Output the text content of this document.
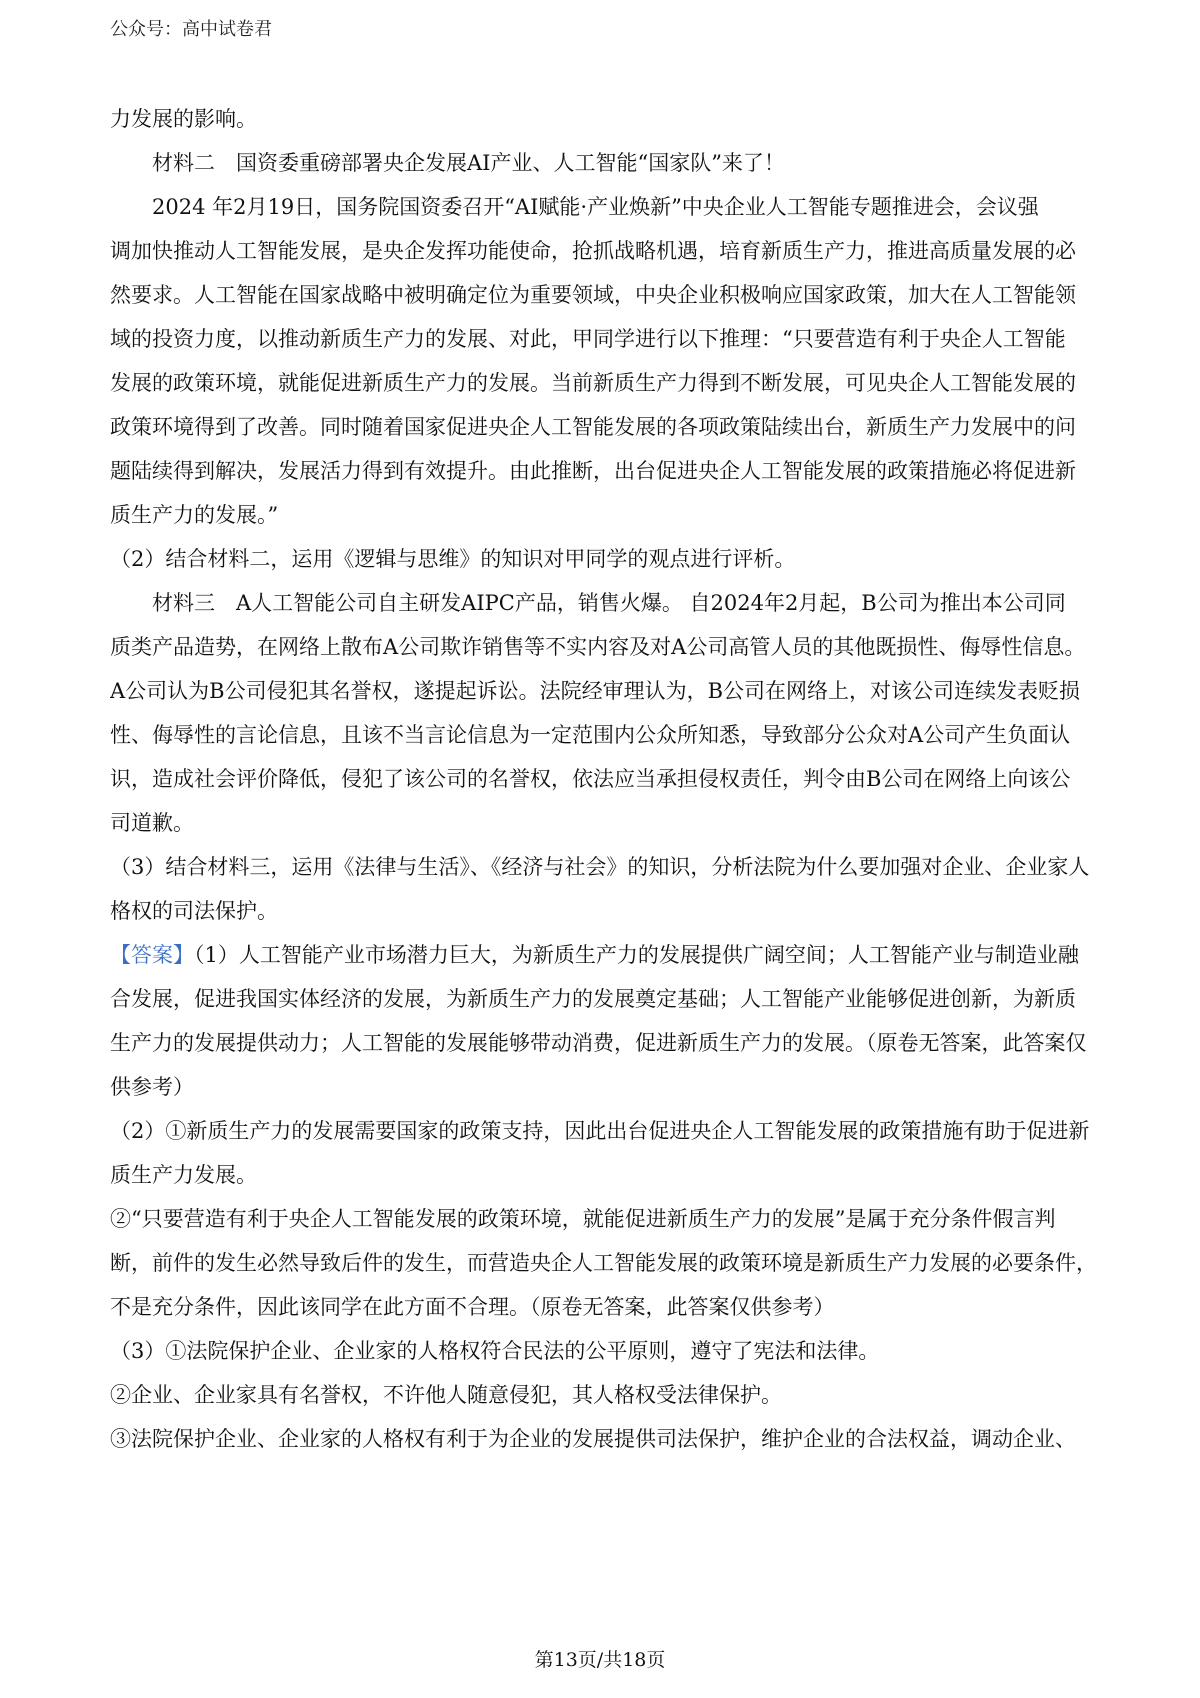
公众号：高中试卷君
力发展的影响。
材料二　国资委重磅部署央企发展AI产业、人工智能“国家队”来了！
2024 年2月19日，国务院国资委召开“AI赋能·产业焕新”中央企业人工智能专题推进会，会议强
调加快推动人工智能发展，是央企发挥功能使命，抢抓战略机遇，培育新质生产力，推进高质量发展的必
然要求。人工智能在国家战略中被明确定位为重要领域，中央企业积极响应国家政策，加大在人工智能领
域的投资力度，以推动新质生产力的发展、对此，甲同学进行以下推理：“只要营造有利于央企人工智能
发展的政策环境，就能促进新质生产力的发展。当前新质生产力得到不断发展，可见央企人工智能发展的
政策环境得到了改善。同时随着国家促进央企人工智能发展的各项政策陆续出台，新质生产力发展中的问
题陆续得到解决，发展活力得到有效提升。由此推断，出台促进央企人工智能发展的政策措施必将促进新
质生产力的发展。”
（2）结合材料二，运用《逻辑与思维》的知识对甲同学的观点进行评析。
材料三　A人工智能公司自主研发AIPC产品，销售火爆。 自2024年2月起，B公司为推出本公司同
质类产品造势，在网络上散布A公司欺诈销售等不实内容及对A公司高管人员的其他既损性、侮辱性信息。
A公司认为B公司侵犯其名誉权，遂提起诉讼。法院经审理认为，B公司在网络上，对该公司连续发表贬损
性、侮辱性的言论信息，且该不当言论信息为一定范围内公众所知悉，导致部分公众对A公司产生负面认
识，造成社会评价降低，侵犯了该公司的名誉权，依法应当承担侵权责任，判令由B公司在网络上向该公
司道歉。
（3）结合材料三，运用《法律与生活》、《经济与社会》的知识，分析法院为什么要加强对企业、企业家人
格权的司法保护。
【答案】（1）人工智能产业市场潜力巨大，为新质生产力的发展提供广阔空间；人工智能产业与制造业融
合发展，促进我国实体经济的发展，为新质生产力的发展奠定基础；人工智能产业能够促进创新，为新质
生产力的发展提供动力；人工智能的发展能够带动消费，促进新质生产力的发展。（原卷无答案，此答案仅
供参考）
（2）①新质生产力的发展需要国家的政策支持，因此出台促进央企人工智能发展的政策措施有助于促进新
质生产力发展。
②“只要营造有利于央企人工智能发展的政策环境，就能促进新质生产力的发展”是属于充分条件假言判
断，前件的发生必然导致后件的发生，而营造央企人工智能发展的政策环境是新质生产力发展的必要条件，
不是充分条件，因此该同学在此方面不合理。（原卷无答案，此答案仅供参考）
（3）①法院保护企业、企业家的人格权符合民法的公平原则，遵守了宪法和法律。
②企业、企业家具有名誉权，不许他人随意侵犯，其人格权受法律保护。
③法院保护企业、企业家的人格权有利于为企业的发展提供司法保护，维护企业的合法权益，调动企业、
第13页/共18页
